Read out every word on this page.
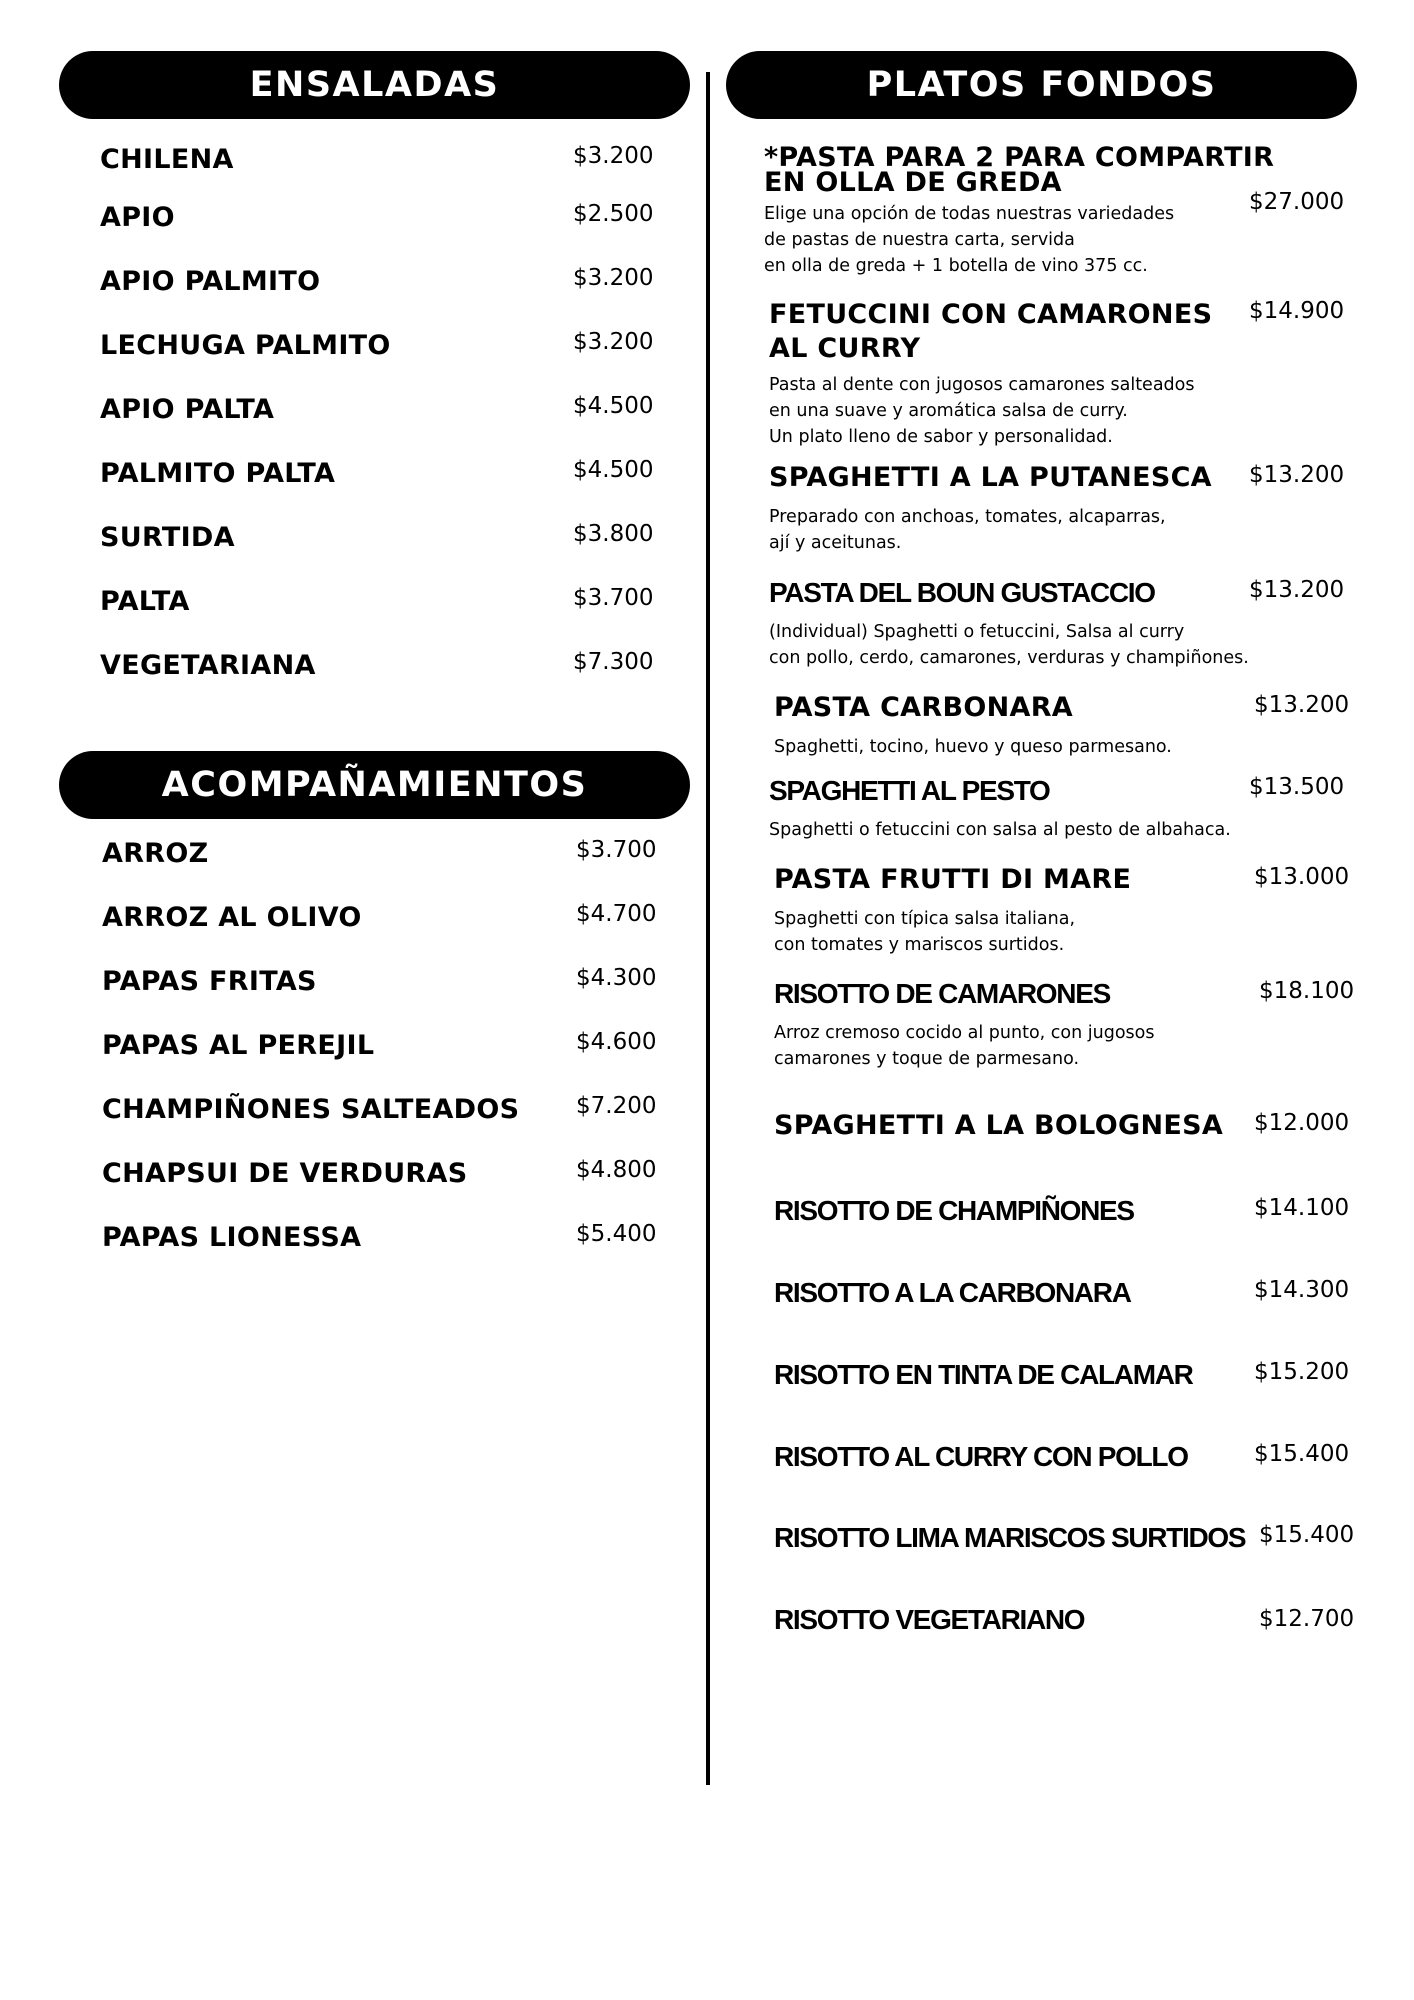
ENSALADAS	PLATOS FONDOS
ACOMPAÑAMIENTOS
CHILENA	$3.200
APIO	$2.500
APIO PALMITO	$3.200
LECHUGA PALMITO	$3.200
APIO PALTA	$4.500
PALMITO PALTA	$4.500
SURTIDA	$3.800
PALTA	$3.700
VEGETARIANA	$7.300
ARROZ	$3.700
ARROZ AL OLIVO	$4.700
PAPAS FRITAS	$4.300
PAPAS AL PEREJIL	$4.600
CHAMPIÑONES SALTEADOS $7.200
CHAPSUI DE VERDURAS	$4.800
PAPAS LIONESSA	$5.400
*PASTA PARA 2 PARA COMPARTIR
EN OLLA DE GREDA
$27.000
Elige una opción de todas nuestras variedades
de pastas de nuestra carta, servida
en olla de greda + 1 botella de vino 375 cc.
FETUCCINI CON CAMARONES
AL CURRY
$14.900
Pasta al dente con jugosos camarones salteados
en una suave y aromática salsa de curry.
Un plato lleno de sabor y personalidad.
SPAGHETTI A LA PUTANESCA $13.200
Preparado con anchoas, tomates, alcaparras,
ají y aceitunas.
PASTA DEL BOUN GUSTACCIO	$13.200
(Individual) Spaghetti o fetuccini, Salsa al curry
con pollo, cerdo, camarones, verduras y champiñones.
PASTA CARBONARA	$13.200
Spaghetti, tocino, huevo y queso parmesano.
SPAGHETTI AL PESTO	$13.500
Spaghetti o fetuccini con salsa al pesto de albahaca.
PASTA FRUTTI DI MARE	$13.000
Spaghetti con típica salsa italiana,
con tomates y mariscos surtidos.
RISOTTO DE CAMARONES	$18.100
Arroz cremoso cocido al punto, con jugosos
camarones y toque de parmesano.
SPAGHETTI A LA BOLOGNESA $12.000
RISOTTO DE CHAMPIÑONES	$14.100
RISOTTO A LA CARBONARA	$14.300
RISOTTO EN TINTA DE CALAMAR	$15.200
RISOTTO AL CURRY CON POLLO	$15.400
RISOTTO LIMA MARISCOS SURTIDOS $15.400
RISOTTO VEGETARIANO	$12.700
